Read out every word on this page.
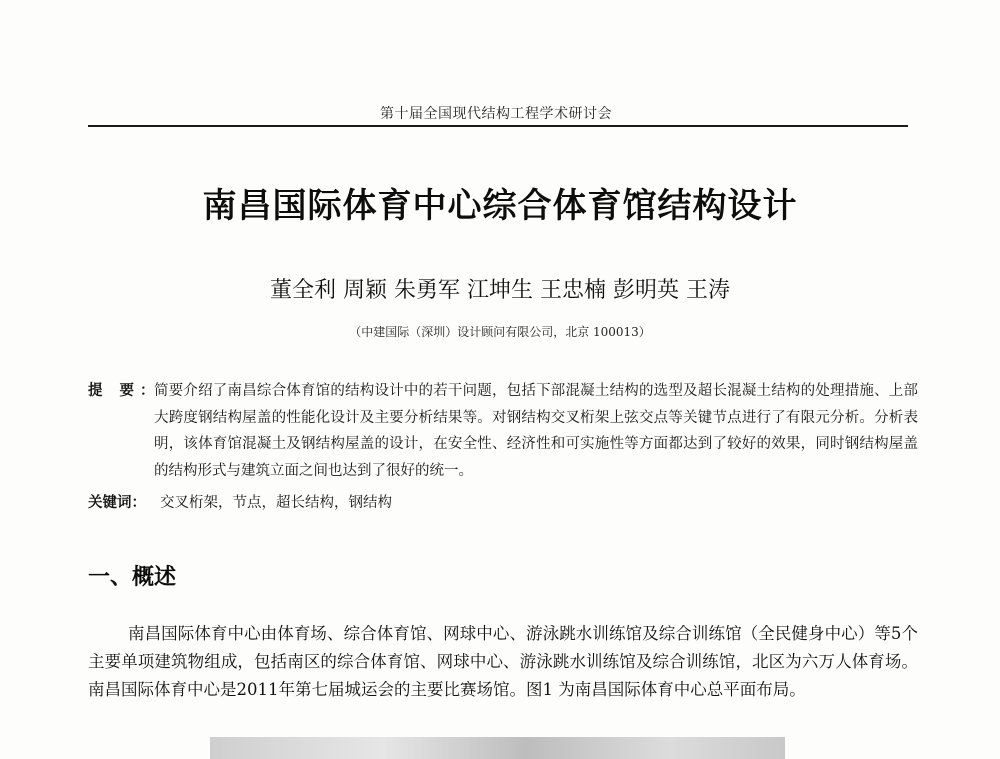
第十届全国现代结构工程学术研讨会
南昌国际体育中心综合体育馆结构设计
董全利 周颖 朱勇军 江坤生 王忠楠 彭明英 王涛
（中建国际（深圳）设计顾问有限公司，北京 100013）
提 要：
简要介绍了南昌综合体育馆的结构设计中的若干问题，包括下部混凝土结构的选型及超长混凝土结构的处理措施、上部大跨度钢结构屋盖的性能化设计及主要分析结果等。对钢结构交叉桁架上弦交点等关键节点进行了有限元分析。分析表明，该体育馆混凝土及钢结构屋盖的设计，在安全性、经济性和可实施性等方面都达到了较好的效果，同时钢结构屋盖的结构形式与建筑立面之间也达到了很好的统一。
关键词： 交叉桁架，节点，超长结构，钢结构
一、概述
南昌国际体育中心由体育场、综合体育馆、网球中心、游泳跳水训练馆及综合训练馆（全民健身中心）等5个主要单项建筑物组成，包括南区的综合体育馆、网球中心、游泳跳水训练馆及综合训练馆，北区为六万人体育场。南昌国际体育中心是2011年第七届城运会的主要比赛场馆。图1 为南昌国际体育中心总平面布局。
